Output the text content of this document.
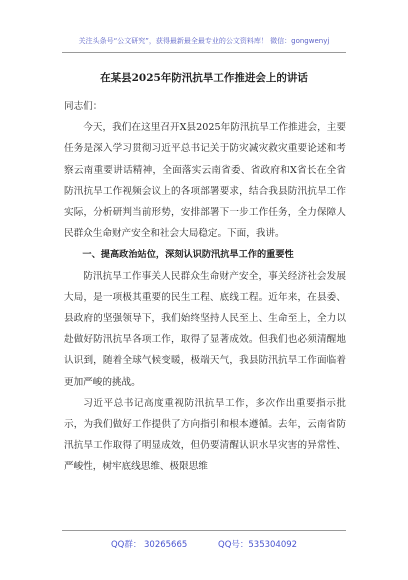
关注头条号“公文研究”，获得最新最全最专业的公文资料库！ 微信：gongwenyj
在某县2025年防汛抗旱工作推进会上的讲话

同志们：

今天，我们在这里召开X县2025年防汛抗旱工作推进会，主要任务是深入学习贯彻习近平总书记关于防灾减灾救灾重要论述和考察云南重要讲话精神，全面落实云南省委、省政府和X省长在全省防汛抗旱工作视频会议上的各项部署要求，结合我县防汛抗旱工作实际，分析研判当前形势，安排部署下一步工作任务，全力保障人民群众生命财产安全和社会大局稳定。下面，我讲。

一、提高政治站位，深刻认识防汛抗旱工作的重要性

防汛抗旱工作事关人民群众生命财产安全，事关经济社会发展大局，是一项极其重要的民生工程、底线工程。近年来，在县委、县政府的坚强领导下，我们始终坚持人民至上、生命至上，全力以赴做好防汛抗旱各项工作，取得了显著成效。但我们也必须清醒地认识到，随着全球气候变暖，极端天气，我县防汛抗旱工作面临着更加严峻的挑战。

习近平总书记高度重视防汛抗旱工作，多次作出重要指示批示，为我们做好工作提供了方向指引和根本遵循。去年，云南省防汛抗旱工作取得了明显成效，但仍要清醒认识水旱灾害的异常性、严峻性，树牢底线思维、极限思维

QQ群： 30265665	QQ号：535304092
